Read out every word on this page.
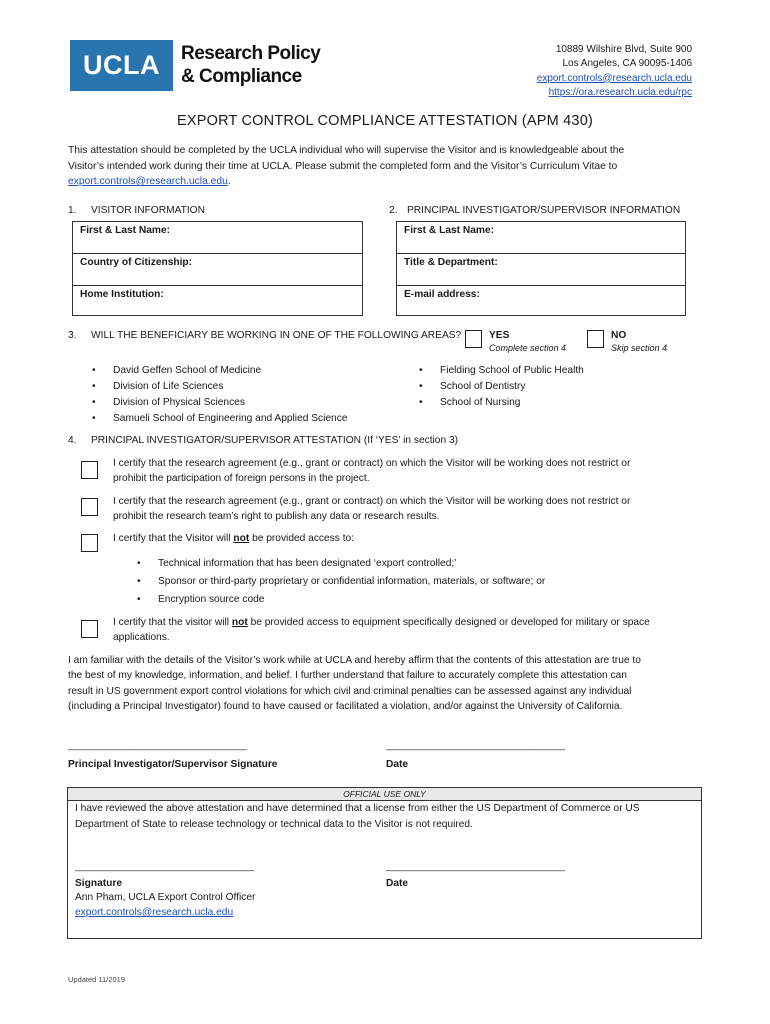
UCLA	Research Policy
& Compliance
10889 Wilshire Blvd, Suite 900
Los Angeles, CA 90095-1406
export.controls@research.ucla.edu
https://ora.research.ucla.edu/rpc
EXPORT CONTROL COMPLIANCE ATTESTATION (APM 430)
This attestation should be completed by the UCLA individual who will supervise the Visitor and is knowledgeable about the
Visitor’s intended work during their time at UCLA. Please submit the completed form and the Visitor’s Curriculum Vitae to
export.controls@research.ucla.edu.
1. VISITOR INFORMATION	2. PRINCIPAL INVESTIGATOR/SUPERVISOR INFORMATION
First & Last Name:
Country of Citizenship:
Home Institution:
First & Last Name:
Title & Department:
E-mail address:
3. WILL THE BENEFICIARY BE WORKING IN ONE OF THE FOLLOWING AREAS?	YES
Complete section 4
NO
Skip section 4
• David Geffen School of Medicine
• Division of Life Sciences
• Division of Physical Sciences
• Samueli School of Engineering and Applied Science
• Fielding School of Public Health
• School of Dentistry
• School of Nursing
4. PRINCIPAL INVESTIGATOR/SUPERVISOR ATTESTATION (If ‘YES’ in section 3)
I certify that the research agreement (e.g., grant or contract) on which the Visitor will be working does not restrict or
prohibit the participation of foreign persons in the project.
I certify that the research agreement (e.g., grant or contract) on which the Visitor will be working does not restrict or
prohibit the research team’s right to publish any data or research results.
I certify that the Visitor will not be provided access to:
• Technical information that has been designated ‘export controlled;’
• Sponsor or third-party proprietary or confidential information, materials, or software; or
• Encryption source code
I certify that the visitor will not be provided access to equipment specifically designed or developed for military or space
applications.
I am familiar with the details of the Visitor’s work while at UCLA and hereby affirm that the contents of this attestation are true to
the best of my knowledge, information, and belief. I further understand that failure to accurately complete this attestation can
result in US government export control violations for which civil and criminal penalties can be assessed against any individual
(including a Principal Investigator) found to have caused or facilitated a violation, and/or against the University of California.
_______________________________________
Principal Investigator/Supervisor Signature
_______________________________________
Date
OFFICIAL USE ONLY
I have reviewed the above attestation and have determined that a license from either the US Department of Commerce or US
Department of State to release technology or technical data to the Visitor is not required.
_______________________________________
Signature
_______________________________________
Date
Ann Pham, UCLA Export Control Officer
export.controls@research.ucla.edu
Updated 11/2019
